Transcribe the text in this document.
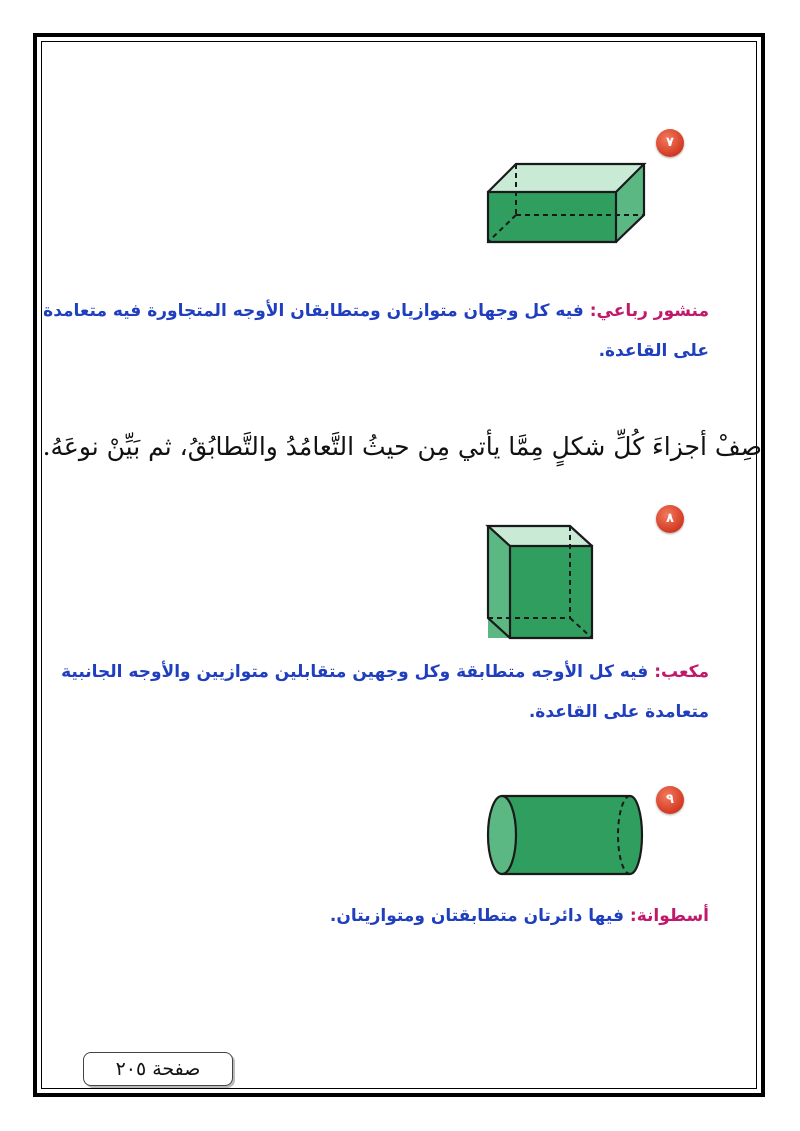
٧
منشور رباعي: فيه كل وجهان متوازيان ومتطابقان الأوجه المتجاورة فيه متعامدة
على القاعدة.
صِفْ أجزاءَ كُلِّ شكلٍ مِمَّا يأتي مِن حيثُ التَّعامُدُ والتَّطابُقُ، ثم بَيِّنْ نوعَهُ.
٨
مكعب: فيه كل الأوجه متطابقة وكل وجهين متقابلين متوازيين والأوجه الجانبية
متعامدة على القاعدة.
٩
أسطوانة: فيها دائرتان متطابقتان ومتوازيتان.
صفحة ٢٠٥
